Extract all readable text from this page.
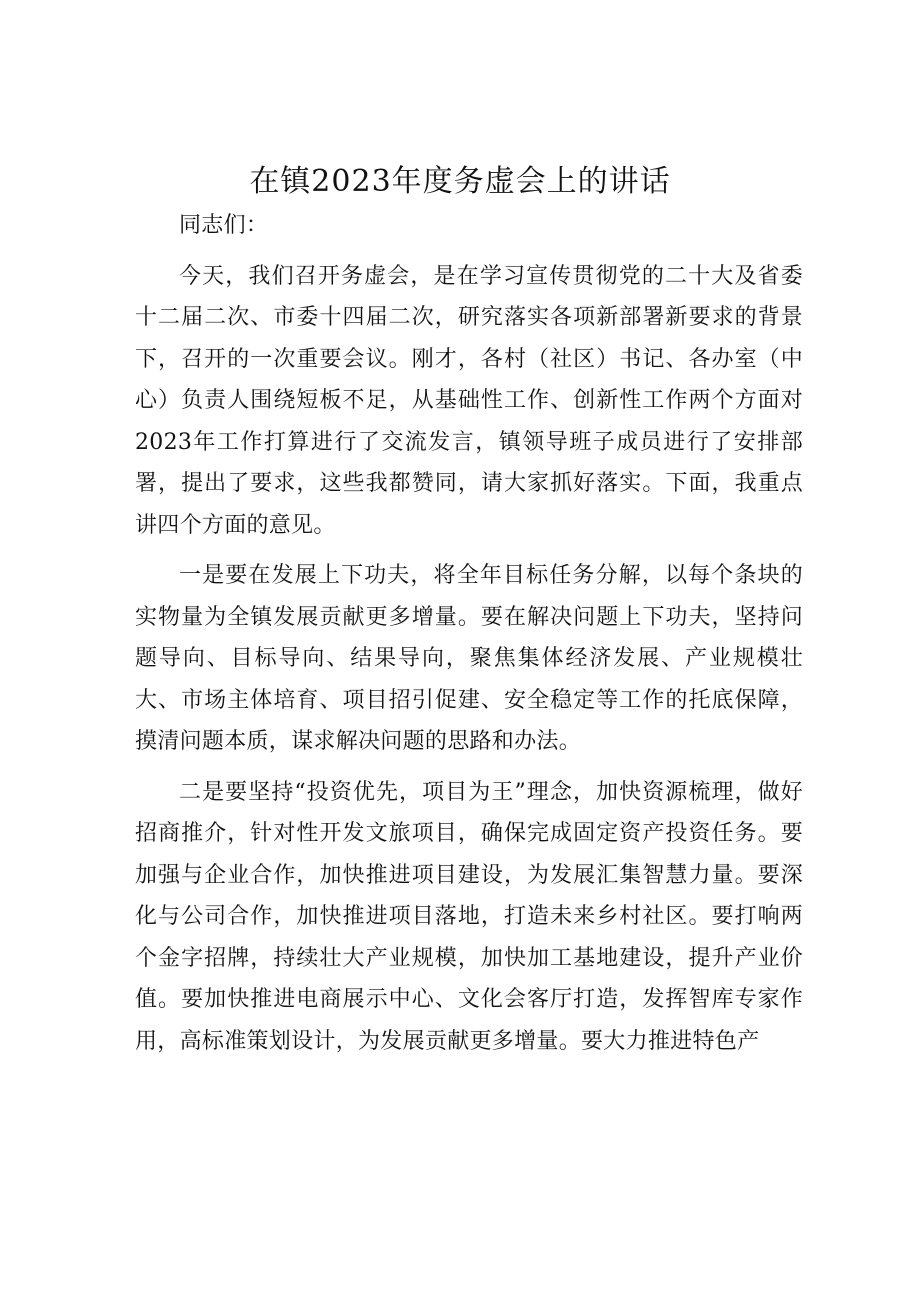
在镇2023年度务虚会上的讲话

同志们：

今天，我们召开务虚会，是在学习宣传贯彻党的二十大及省委十二届二次、市委十四届二次，研究落实各项新部署新要求的背景下，召开的一次重要会议。刚才，各村（社区）书记、各办室（中心）负责人围绕短板不足，从基础性工作、创新性工作两个方面对2023年工作打算进行了交流发言，镇领导班子成员进行了安排部署，提出了要求，这些我都赞同，请大家抓好落实。下面，我重点讲四个方面的意见。

一是要在发展上下功夫，将全年目标任务分解，以每个条块的实物量为全镇发展贡献更多增量。要在解决问题上下功夫，坚持问题导向、目标导向、结果导向，聚焦集体经济发展、产业规模壮大、市场主体培育、项目招引促建、安全稳定等工作的托底保障，摸清问题本质，谋求解决问题的思路和办法。

二是要坚持“投资优先，项目为王”理念，加快资源梳理，做好招商推介，针对性开发文旅项目，确保完成固定资产投资任务。要加强与企业合作，加快推进项目建设，为发展汇集智慧力量。要深化与公司合作，加快推进项目落地，打造未来乡村社区。要打响两个金字招牌，持续壮大产业规模，加快加工基地建设，提升产业价值。要加快推进电商展示中心、文化会客厅打造，发挥智库专家作用，高标准策划设计，为发展贡献更多增量。要大力推进特色产
